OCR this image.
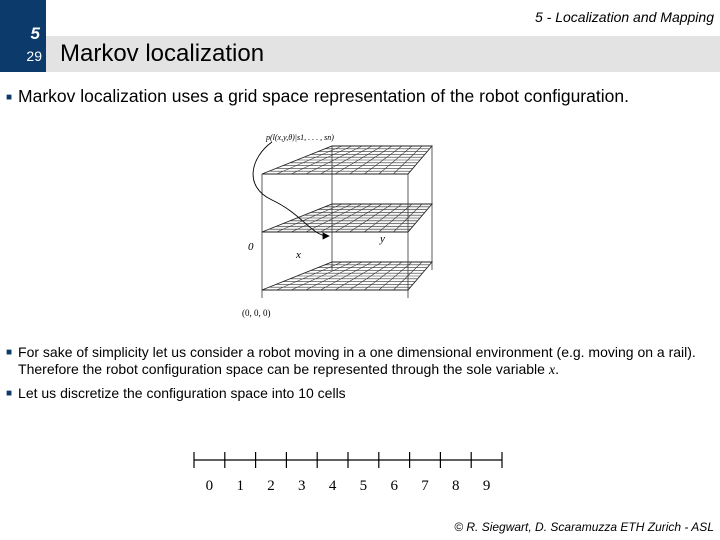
5
29
5 - Localization and Mapping
Markov localization
■ Markov localization uses a grid space representation of the robot configuration.
p(l(x,y,θ)|s1, . . . , sn)
0
x
y
(0, 0, 0)
■ For sake of simplicity let us consider a robot moving in a one dimensional environment (e.g. moving on a rail). Therefore the robot configuration space can be represented through the sole variable x.
■ Let us discretize the configuration space into 10 cells
0 1 2 3 4 5 6 7 8 9
© R. Siegwart, D. Scaramuzza ETH Zurich - ASL
